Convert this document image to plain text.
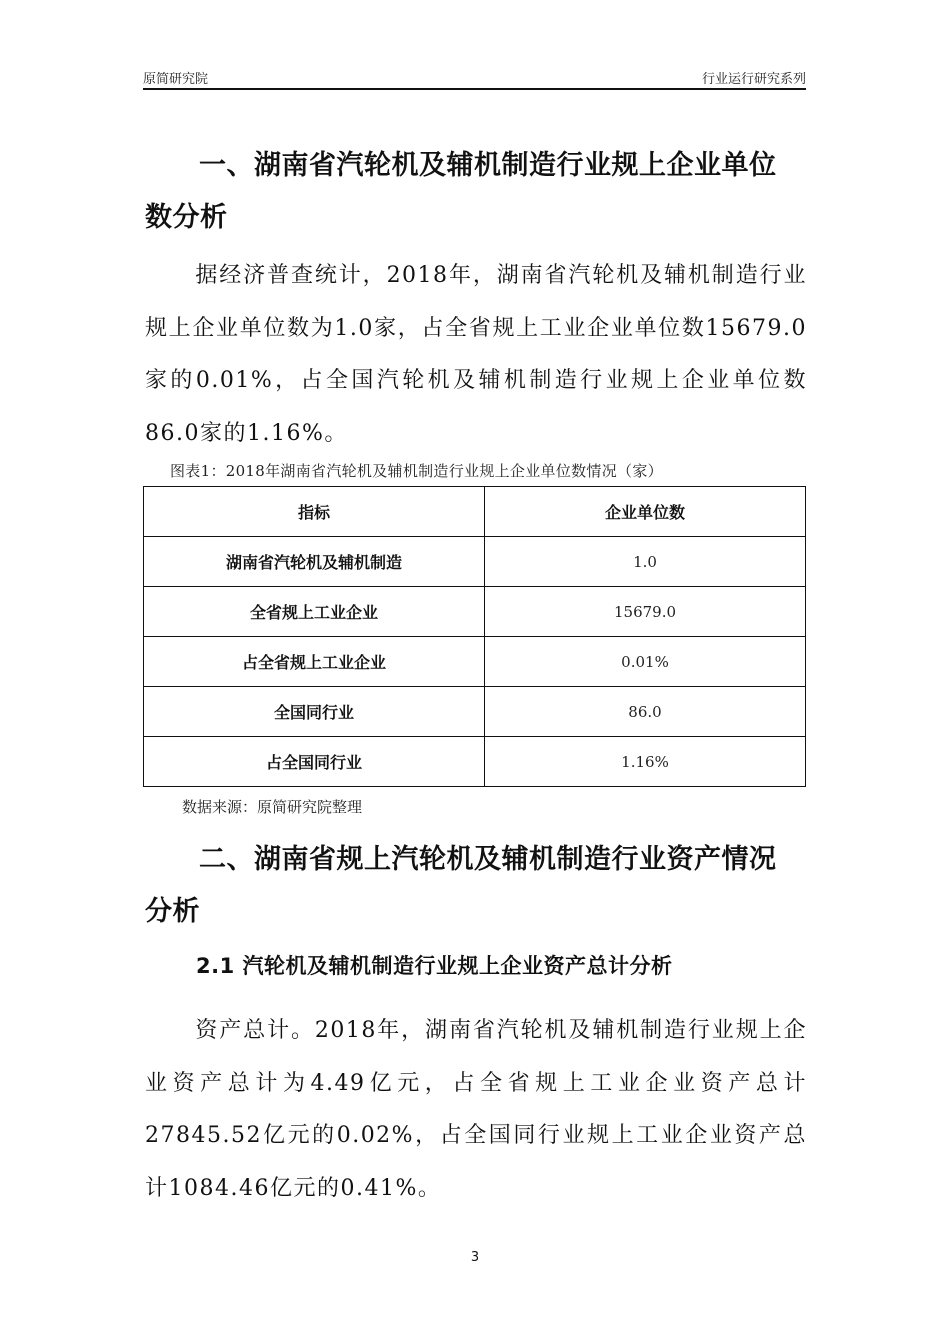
原简研究院	行业运行研究系列
一、湖南省汽轮机及辅机制造行业规上企业单位
数分析
据经济普查统计，2018年，湖南省汽轮机及辅机制造行业规上企业单位数为1.0家，占全省规上工业企业单位数15679.0家的0.01%，占全国汽轮机及辅机制造行业规上企业单位数86.0家的1.16%。
图表1：2018年湖南省汽轮机及辅机制造行业规上企业单位数情况（家）
指标	企业单位数
湖南省汽轮机及辅机制造	1.0
全省规上工业企业	15679.0
占全省规上工业企业	0.01%
全国同行业	86.0
占全国同行业	1.16%
数据来源：原简研究院整理
二、湖南省规上汽轮机及辅机制造行业资产情况
分析
2.1 汽轮机及辅机制造行业规上企业资产总计分析
资产总计。2018年，湖南省汽轮机及辅机制造行业规上企业资产总计为4.49亿元，占全省规上工业企业资产总计27845.52亿元的0.02%，占全国同行业规上工业企业资产总计1084.46亿元的0.41%。
3
